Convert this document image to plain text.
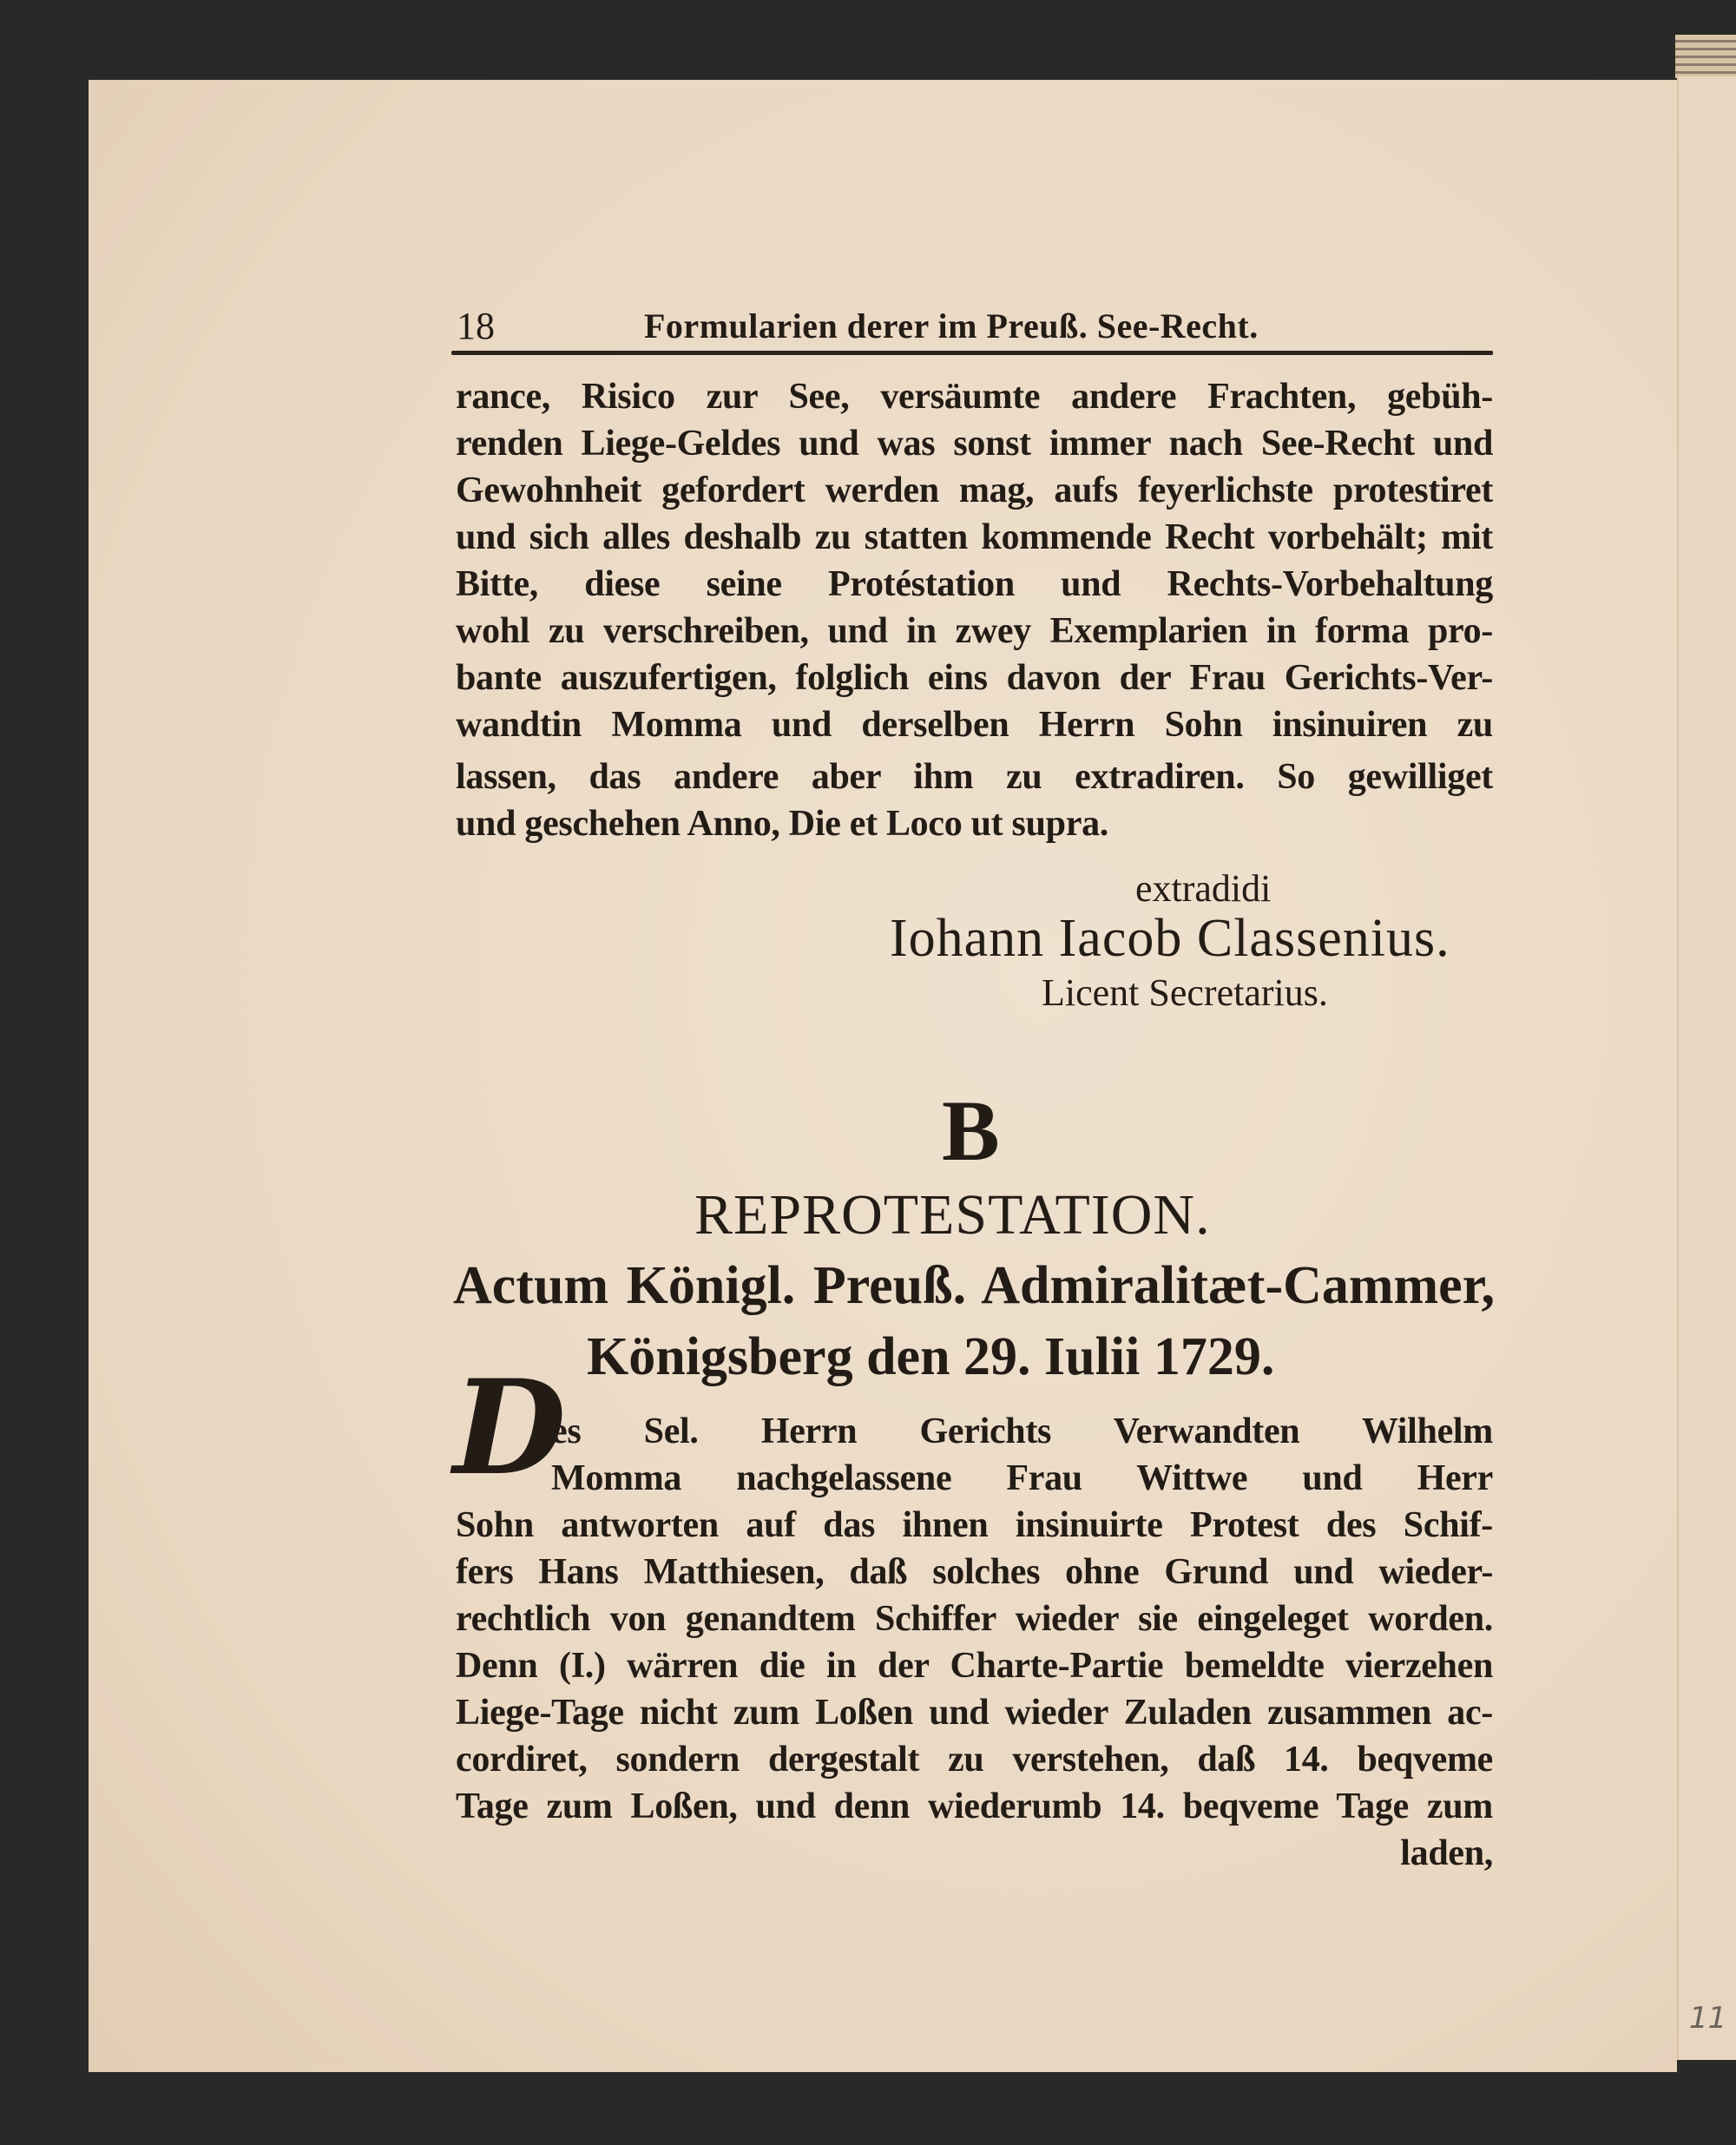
11
18	Formularien derer im Preuß. See-Recht.
rance, Risico zur See, versäumte andere Frachten, gebüh-
renden Liege-Geldes und was sonst immer nach See-Recht und
Gewohnheit gefordert werden mag, aufs feyerlichste protestiret
und sich alles deshalb zu statten kommende Recht vorbehält; mit
Bitte, diese seine Protéstation und Rechts-Vorbehaltung
wohl zu verschreiben, und in zwey Exemplarien in forma pro-
bante auszufertigen, folglich eins davon der Frau Gerichts-Ver-
wandtin Momma und derselben Herrn Sohn insinuiren zu
lassen, das andere aber ihm zu extradiren. So gewilliget
und geschehen Anno, Die et Loco ut supra.
extradidi
Iohann Iacob Classenius.
Licent Secretarius.
B
REPROTESTATION.
Actum Königl. Preuß. Admiralitæt-Cammer,
Königsberg den 29. Iulii 1729.
D
es Sel. Herrn Gerichts Verwandten Wilhelm
Momma nachgelassene Frau Wittwe und Herr
Sohn antworten auf das ihnen insinuirte Protest des Schif-
fers Hans Matthiesen, daß solches ohne Grund und wieder-
rechtlich von genandtem Schiffer wieder sie eingeleget worden.
Denn (I.) wärren die in der Charte-Partie bemeldte vierzehen
Liege-Tage nicht zum Loßen und wieder Zuladen zusammen ac-
cordiret, sondern dergestalt zu verstehen, daß 14. beqveme
Tage zum Loßen, und denn wiederumb 14. beqveme Tage zum
laden,
